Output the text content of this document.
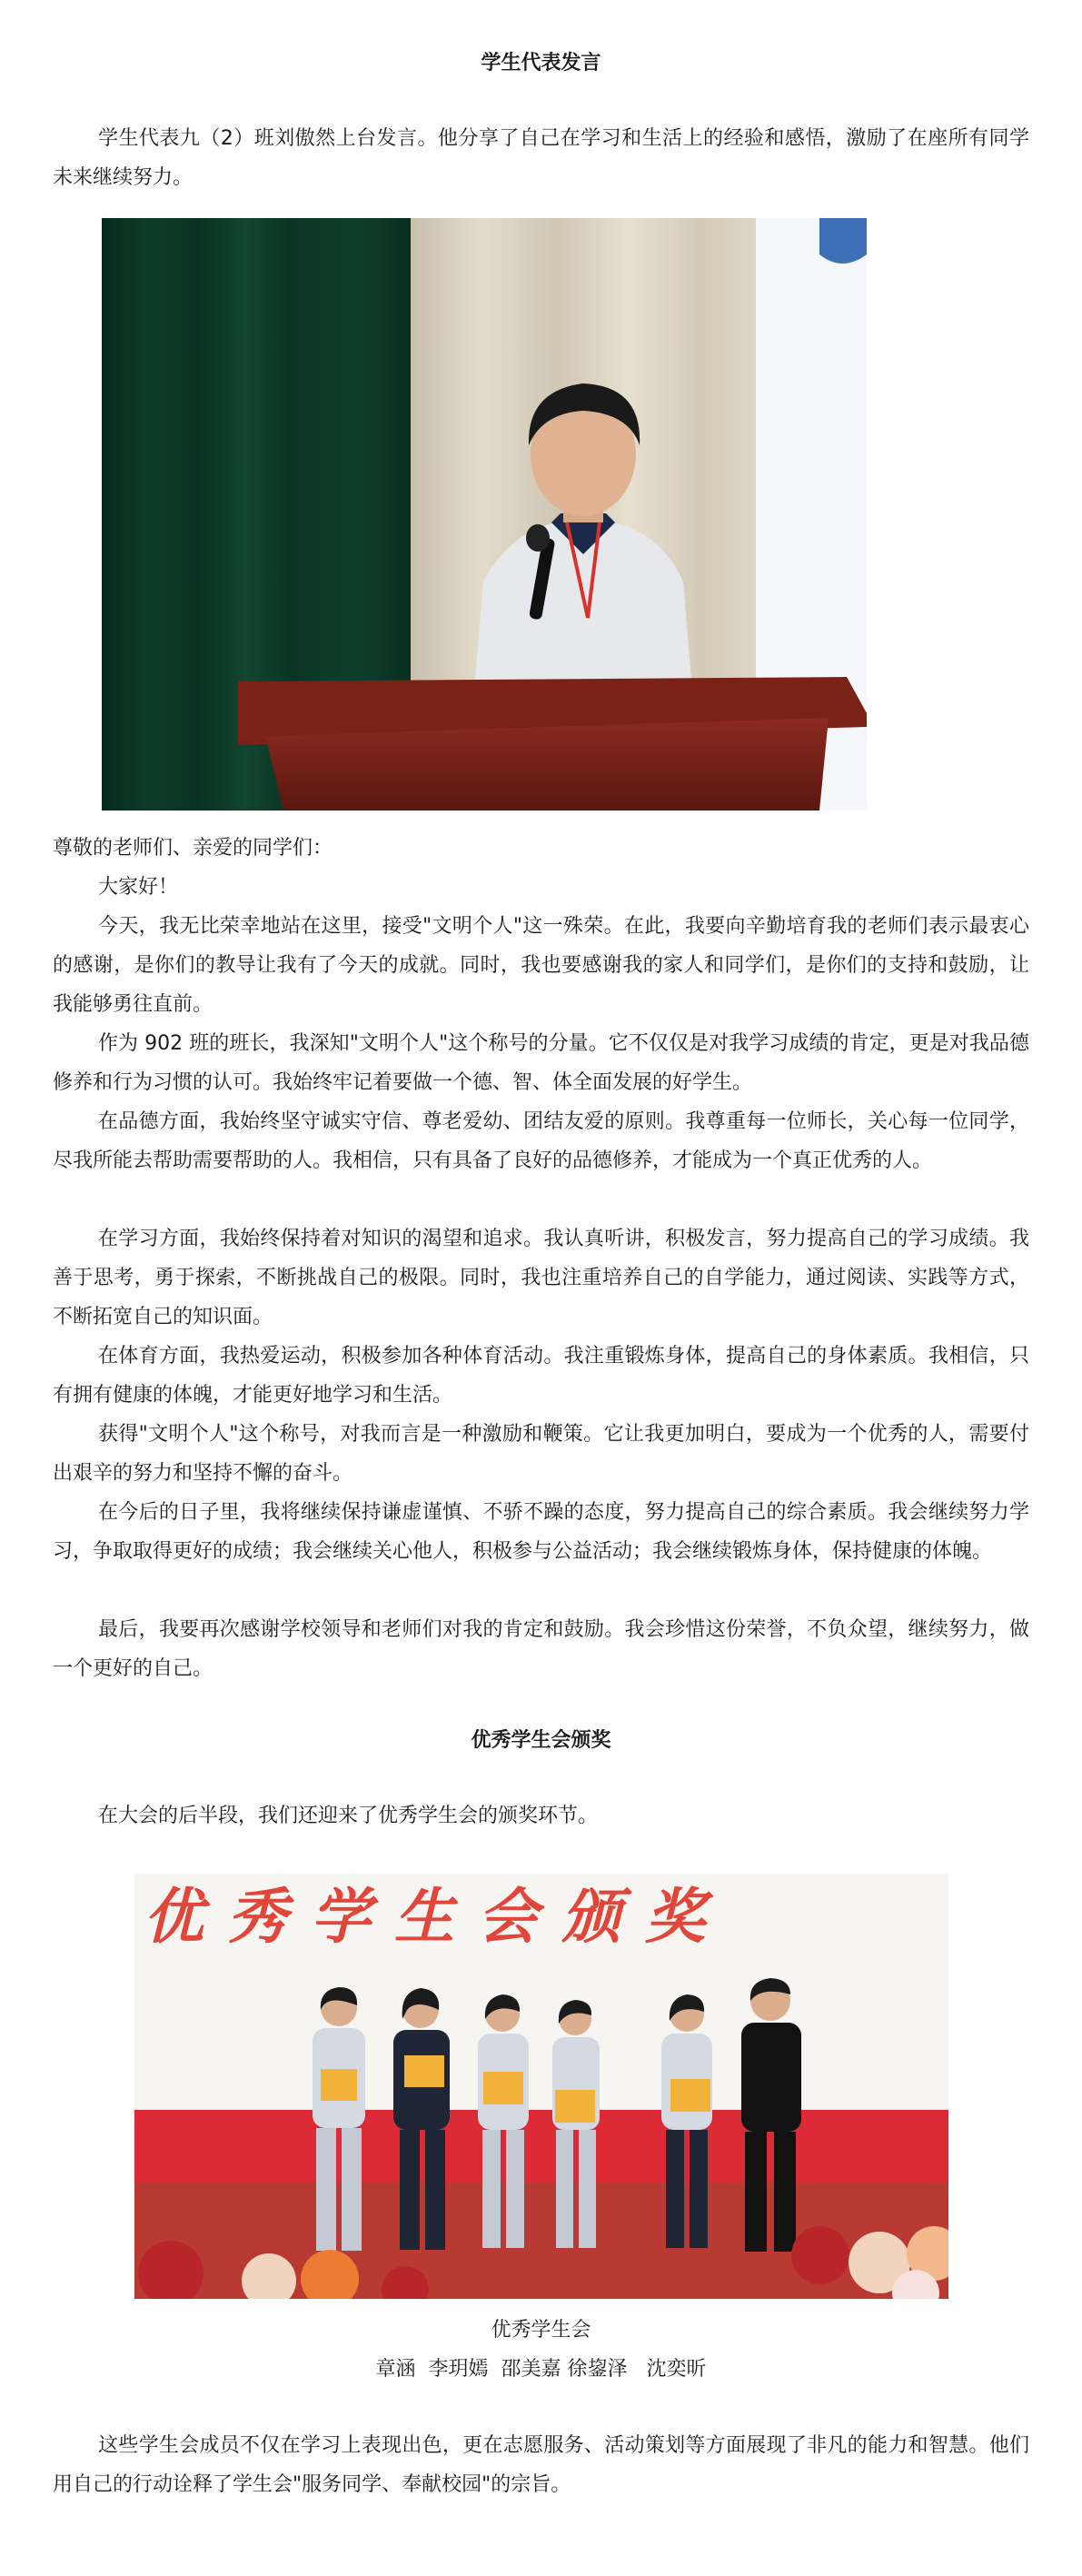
学生代表发言

学生代表九（2）班刘傲然上台发言。他分享了自己在学习和生活上的经验和感悟，激励了在座所有同学未来继续努力。

尊敬的老师们、亲爱的同学们：

大家好！

今天，我无比荣幸地站在这里，接受"文明个人"这一殊荣。在此，我要向辛勤培育我的老师们表示最衷心的感谢，是你们的教导让我有了今天的成就。同时，我也要感谢我的家人和同学们，是你们的支持和鼓励，让我能够勇往直前。

作为 902 班的班长，我深知"文明个人"这个称号的分量。它不仅仅是对我学习成绩的肯定，更是对我品德修养和行为习惯的认可。我始终牢记着要做一个德、智、体全面发展的好学生。

在品德方面，我始终坚守诚实守信、尊老爱幼、团结友爱的原则。我尊重每一位师长，关心每一位同学，尽我所能去帮助需要帮助的人。我相信，只有具备了良好的品德修养，才能成为一个真正优秀的人。

在学习方面，我始终保持着对知识的渴望和追求。我认真听讲，积极发言，努力提高自己的学习成绩。我善于思考，勇于探索，不断挑战自己的极限。同时，我也注重培养自己的自学能力，通过阅读、实践等方式，不断拓宽自己的知识面。

在体育方面，我热爱运动，积极参加各种体育活动。我注重锻炼身体，提高自己的身体素质。我相信，只有拥有健康的体魄，才能更好地学习和生活。

获得"文明个人"这个称号，对我而言是一种激励和鞭策。它让我更加明白，要成为一个优秀的人，需要付出艰辛的努力和坚持不懈的奋斗。

在今后的日子里，我将继续保持谦虚谨慎、不骄不躁的态度，努力提高自己的综合素质。我会继续努力学习，争取取得更好的成绩；我会继续关心他人，积极参与公益活动；我会继续锻炼身体，保持健康的体魄。

最后，我要再次感谢学校领导和老师们对我的肯定和鼓励。我会珍惜这份荣誉，不负众望，继续努力，做一个更好的自己。

优秀学生会颁奖

在大会的后半段，我们还迎来了优秀学生会的颁奖环节。

优秀学生会颁奖
优秀学生会
章涵  李玥嫣  邵美嘉 徐鋆泽   沈奕昕

这些学生会成员不仅在学习上表现出色，更在志愿服务、活动策划等方面展现了非凡的能力和智慧。他们用自己的行动诠释了学生会"服务同学、奉献校园"的宗旨。
